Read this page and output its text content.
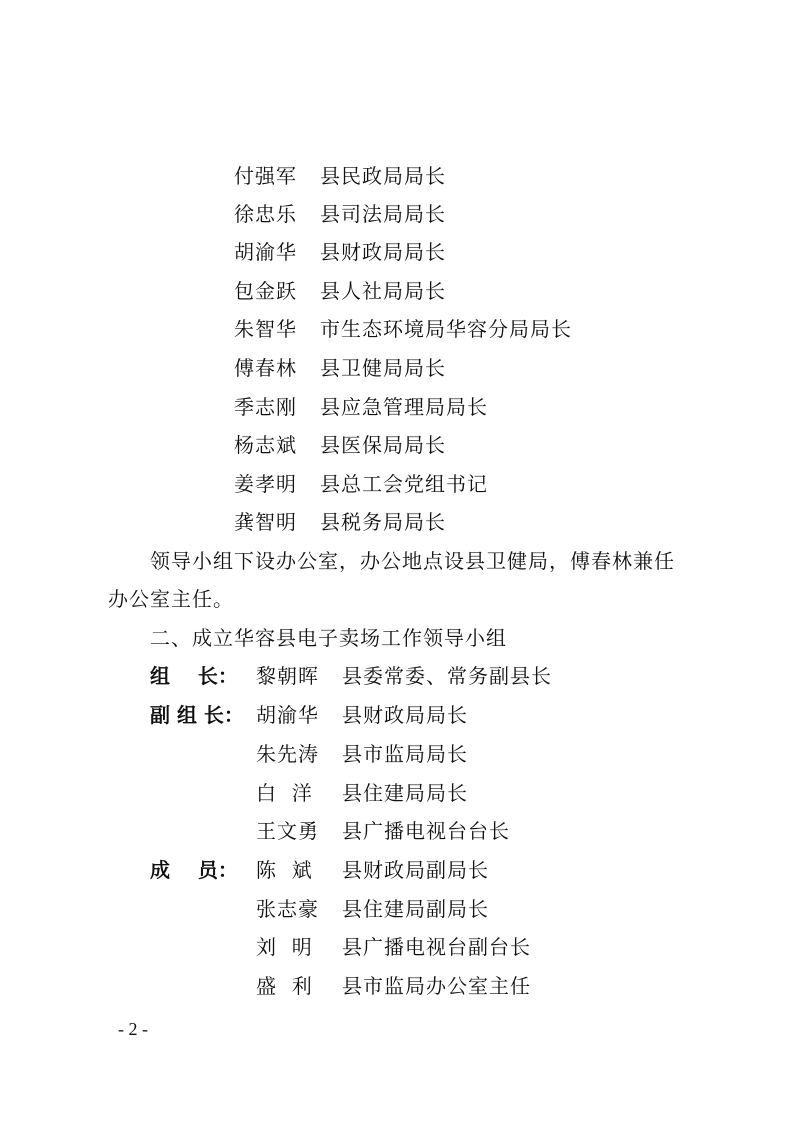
付强军 县民政局局长
徐忠乐 县司法局局长
胡渝华 县财政局局长
包金跃 县人社局局长
朱智华 市生态环境局华容分局局长
傅春林 县卫健局局长
季志刚 县应急管理局局长
杨志斌 县医保局局长
姜孝明 县总工会党组书记
龚智明 县税务局局长
领导小组下设办公室，办公地点设县卫健局，傅春林兼任
办公室主任。
二、成立华容县电子卖场工作领导小组
组    长： 黎朝晖 县委常委、常务副县长
副 组 长： 胡渝华 县财政局局长
朱先涛 县市监局局长
白  洋 县住建局局长
王文勇 县广播电视台台长
成    员： 陈  斌 县财政局副局长
张志豪 县住建局副局长
刘  明 县广播电视台副台长
盛  利 县市监局办公室主任
- 2 -
